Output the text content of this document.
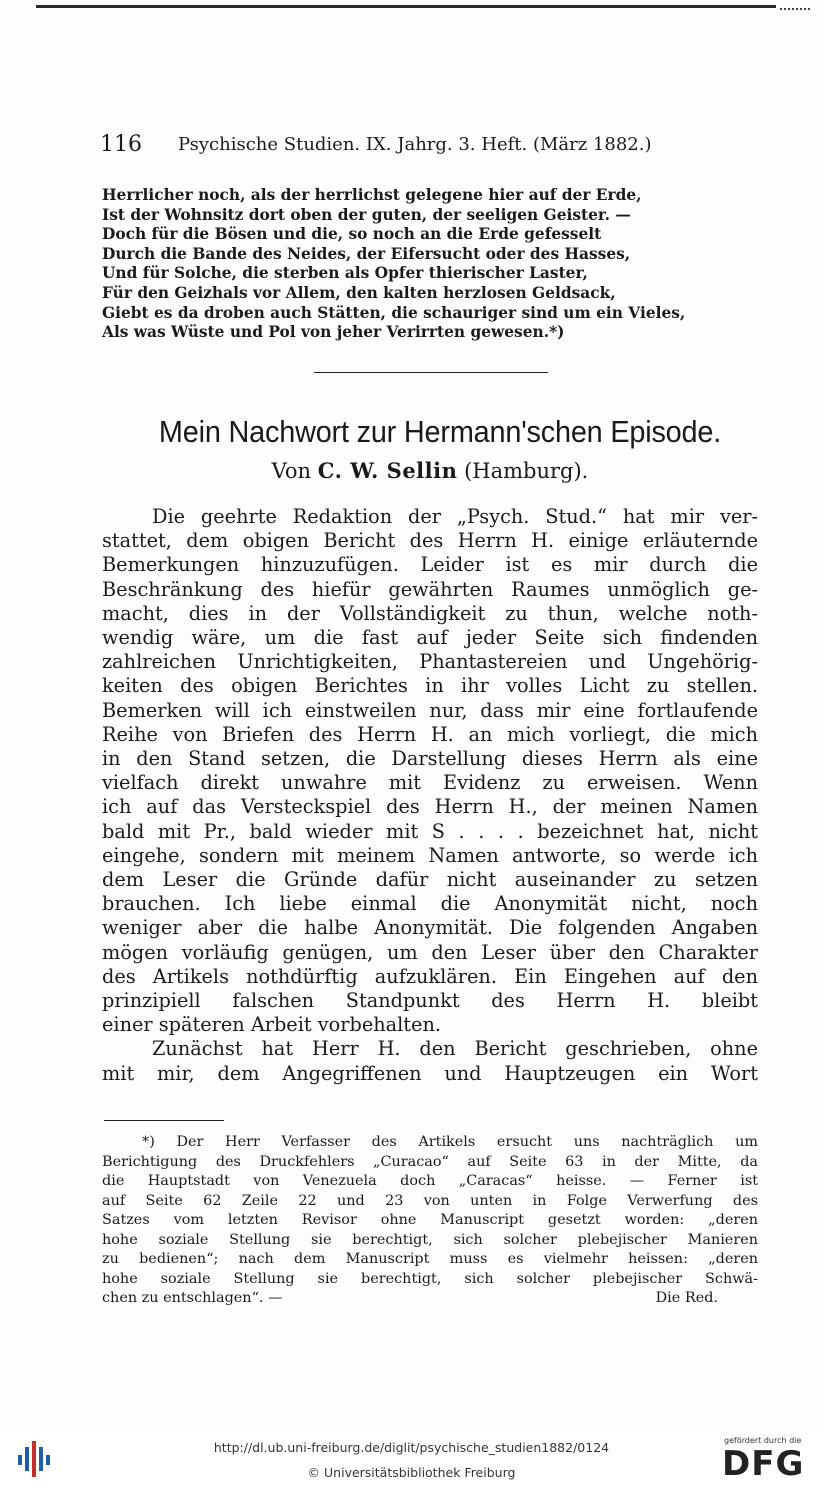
116 Psychische Studien. IX. Jahrg. 3. Heft. (März 1882.)
Herrlicher noch, als der herrlichst gelegene hier auf der Erde,
Ist der Wohnsitz dort oben der guten, der seeligen Geister. —
Doch für die Bösen und die, so noch an die Erde gefesselt
Durch die Bande des Neides, der Eifersucht oder des Hasses,
Und für Solche, die sterben als Opfer thierischer Laster,
Für den Geizhals vor Allem, den kalten herzlosen Geldsack,
Giebt es da droben auch Stätten, die schauriger sind um ein Vieles,
Als was Wüste und Pol von jeher Verirrten gewesen.*)
Mein Nachwort zur Hermann'schen Episode.
Von C. W. Sellin (Hamburg).
Die geehrte Redaktion der „Psych. Stud.“ hat mir ver-
stattet, dem obigen Bericht des Herrn H. einige erläuternde
Bemerkungen hinzuzufügen. Leider ist es mir durch die
Beschränkung des hiefür gewährten Raumes unmöglich ge-
macht, dies in der Vollständigkeit zu thun, welche noth-
wendig wäre, um die fast auf jeder Seite sich findenden
zahlreichen Unrichtigkeiten, Phantastereien und Ungehörig-
keiten des obigen Berichtes in ihr volles Licht zu stellen.
Bemerken will ich einstweilen nur, dass mir eine fortlaufende
Reihe von Briefen des Herrn H. an mich vorliegt, die mich
in den Stand setzen, die Darstellung dieses Herrn als eine
vielfach direkt unwahre mit Evidenz zu erweisen. Wenn
ich auf das Versteckspiel des Herrn H., der meinen Namen
bald mit Pr., bald wieder mit S . . . . bezeichnet hat, nicht
eingehe, sondern mit meinem Namen antworte, so werde ich
dem Leser die Gründe dafür nicht auseinander zu setzen
brauchen. Ich liebe einmal die Anonymität nicht, noch
weniger aber die halbe Anonymität. Die folgenden Angaben
mögen vorläufig genügen, um den Leser über den Charakter
des Artikels nothdürftig aufzuklären. Ein Eingehen auf den
prinzipiell falschen Standpunkt des Herrn H. bleibt
einer späteren Arbeit vorbehalten.
Zunächst hat Herr H. den Bericht geschrieben, ohne
mit mir, dem Angegriffenen und Hauptzeugen ein Wort
*) Der Herr Verfasser des Artikels ersucht uns nachträglich um
Berichtigung des Druckfehlers „Curacao“ auf Seite 63 in der Mitte, da
die Hauptstadt von Venezuela doch „Caracas“ heisse. — Ferner ist
auf Seite 62 Zeile 22 und 23 von unten in Folge Verwerfung des
Satzes vom letzten Revisor ohne Manuscript gesetzt worden: „deren
hohe soziale Stellung sie berechtigt, sich solcher plebejischer Manieren
zu bedienen“; nach dem Manuscript muss es vielmehr heissen: „deren
hohe soziale Stellung sie berechtigt, sich solcher plebejischer Schwä-
chen zu entschlagen“. —	Die Red.
http://dl.ub.uni-freiburg.de/diglit/psychische_studien1882/0124
© Universitätsbibliothek Freiburg
gefördert durch die
DFG
